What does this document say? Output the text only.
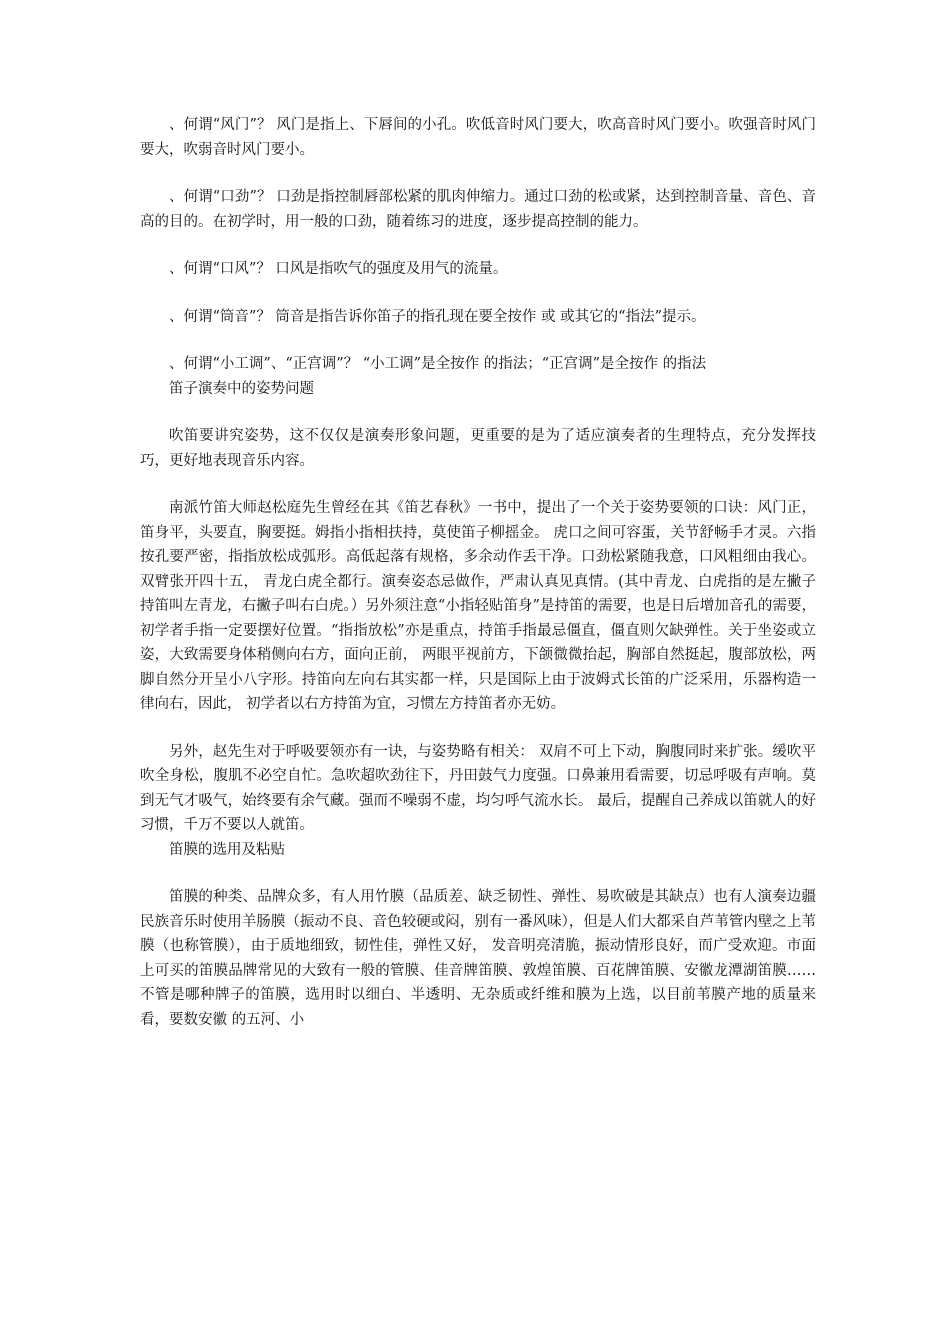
、何谓“风门”？ 风门是指上、下唇间的小孔。吹低音时风门要大，吹高音时风门要小。吹强音时风门要大，吹弱音时风门要小。

、何谓“口劲”？ 口劲是指控制唇部松紧的肌肉伸缩力。通过口劲的松或紧，达到控制音量、音色、音高的目的。在初学时，用一般的口劲，随着练习的进度，逐步提高控制的能力。

、何谓“口风”？ 口风是指吹气的强度及用气的流量。

、何谓“筒音”？ 筒音是指告诉你笛子的指孔现在要全按作 或 或其它的“指法”提示。

、何谓“小工调”、“正宫调”？ “小工调”是全按作 的指法；“正宫调”是全按作 的指法

笛子演奏中的姿势问题

吹笛要讲究姿势，这不仅仅是演奏形象问题，更重要的是为了适应演奏者的生理特点，充分发挥技巧，更好地表现音乐内容。

南派竹笛大师赵松庭先生曾经在其《笛艺春秋》一书中，提出了一个关于姿势要领的口诀：风门正，笛身平，头要直，胸要挺。姆指小指相扶持，莫使笛子柳摇金。 虎口之间可容蛋，关节舒畅手才灵。六指按孔要严密，指指放松成弧形。高低起落有规格，多余动作丢干净。口劲松紧随我意，口风粗细由我心。双臂张开四十五， 青龙白虎全都行。演奏姿态忌做作，严肃认真见真情。(其中青龙、白虎指的是左撇子持笛叫左青龙，右撇子叫右白虎。）另外须注意“小指轻贴笛身”是持笛的需要，也是日后增加音孔的需要，初学者手指一定要摆好位置。“指指放松”亦是重点，持笛手指最忌僵直，僵直则欠缺弹性。关于坐姿或立姿，大致需要身体稍侧向右方，面向正前， 两眼平视前方，下颌微微抬起，胸部自然挺起，腹部放松，两脚自然分开呈小八字形。持笛向左向右其实都一样，只是国际上由于波姆式长笛的广泛采用，乐器构造一律向右，因此， 初学者以右方持笛为宜，习惯左方持笛者亦无妨。

另外，赵先生对于呼吸要领亦有一诀，与姿势略有相关： 双肩不可上下动，胸腹同时来扩张。缓吹平吹全身松，腹肌不必空自忙。急吹超吹劲往下，丹田鼓气力度强。口鼻兼用看需要，切忌呼吸有声响。莫到无气才吸气，始终要有余气藏。强而不噪弱不虚，均匀呼气流水长。 最后，提醒自己养成以笛就人的好习惯，千万不要以人就笛。

笛膜的选用及粘贴

笛膜的种类、品牌众多，有人用竹膜（品质差、缺乏韧性、弹性、易吹破是其缺点）也有人演奏边疆民族音乐时使用羊肠膜（振动不良、音色较硬或闷，别有一番风味），但是人们大都采自芦苇管内壁之上苇膜（也称管膜），由于质地细致，韧性佳，弹性又好， 发音明亮清脆，振动情形良好，而广受欢迎。市面上可买的笛膜品牌常见的大致有一般的管膜、佳音牌笛膜、敦煌笛膜、百花牌笛膜、安徽龙潭湖笛膜……不管是哪种牌子的笛膜，选用时以细白、半透明、无杂质或纤维和膜为上选，以目前苇膜产地的质量来看，要数安徽 的五河、小
